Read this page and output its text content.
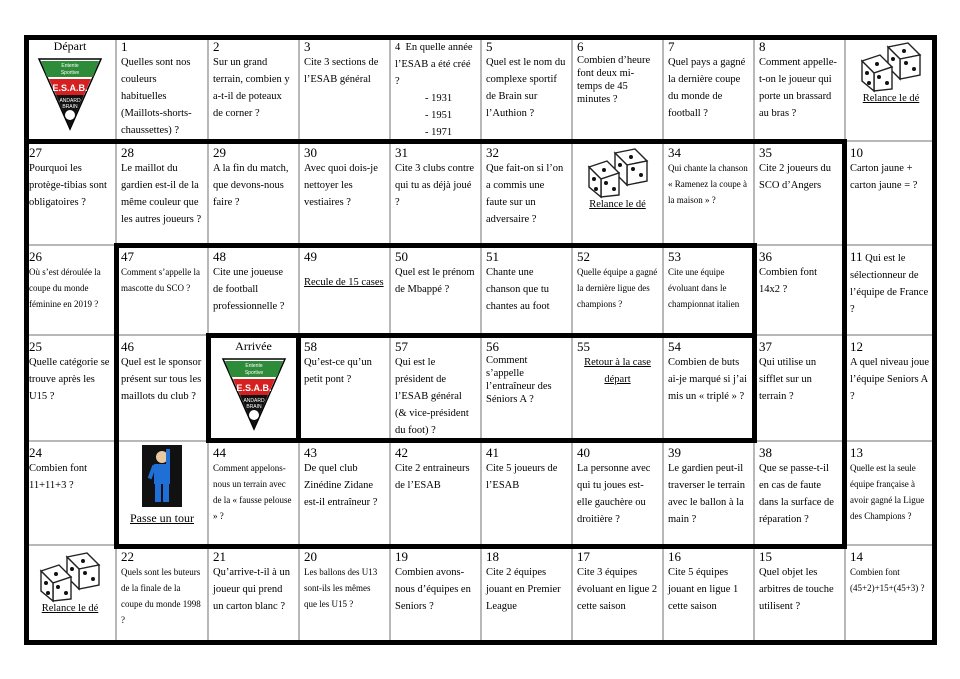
Départ
Entente
Sportive
E.S.A.B.
ANDARD
BRAIN
1
Quelles sont nos couleurs habituelles (Maillots-shorts-chaussettes) ?
2
Sur un grand terrain, combien y a-t-il de poteaux de corner ?
3
Cite 3 sections de l’ESAB général
4 En quelle année l’ESAB a été créé ?
- 1931
- 1951
- 1971
5
Quel est le nom du complexe sportif de Brain sur l’Authion ?
6
Combien d’heure font deux mi-temps de 45 minutes ?
7
Quel pays a gagné la dernière coupe du monde de football ?
8
Comment appelle-t-on le joueur qui porte un brassard au bras ?
Relance le dé
27
Pourquoi les protège-tibias sont obligatoires ?
28
Le maillot du gardien est-il de la même couleur que les autres joueurs ?
29
A la fin du match, que devons-nous faire ?
30
Avec quoi dois-je nettoyer les vestiaires ?
31
Cite 3 clubs contre qui tu as déjà joué ?
32
Que fait-on si l’on a commis une faute sur un adversaire ?
Relance le dé
34
Qui chante la chanson « Ramenez la coupe à la maison » ?
35
Cite 2 joueurs du SCO d’Angers
10
Carton jaune + carton jaune = ?
26
Où s’est déroulée la coupe du monde féminine en 2019 ?
47
Comment s’appelle la mascotte du SCO ?
48
Cite une joueuse de football professionnelle ?
49
Recule de 15 cases
50
Quel est le prénom de Mbappé ?
51
Chante une chanson que tu chantes au foot
52
Quelle équipe a gagné la dernière ligue des champions ?
53
Cite une équipe évoluant dans le championnat italien
36
Combien font 14x2 ?
11 Qui est le sélectionneur de l’équipe de France ?
25
Quelle catégorie se trouve après les U15 ?
46
Quel est le sponsor présent sur tous les maillots du club ?
Arrivée
Entente
Sportive
E.S.A.B.
ANDARD
BRAIN
58
Qu’est-ce qu’un petit pont ?
57
Qui est le président de l’ESAB général (& vice-président du foot) ?
56
Comment s’appelle l’entraîneur des Séniors A ?
55
Retour à la case départ
54
Combien de buts ai-je marqué si j’ai mis un « triplé » ?
37
Qui utilise un sifflet sur un terrain ?
12
A quel niveau joue l’équipe Seniors A ?
24
Combien font 11+11+3 ?
Passe un tour
44
Comment appelons-nous un terrain avec de la « fausse pelouse » ?
43
De quel club Zinédine Zidane est-il entraîneur ?
42
Cite 2 entraineurs de l’ESAB
41
Cite 5 joueurs de l’ESAB
40
La personne avec qui tu joues est-elle gauchère ou droitière ?
39
Le gardien peut-il traverser le terrain avec le ballon à la main ?
38
Que se passe-t-il en cas de faute dans la surface de réparation ?
13
Quelle est la seule équipe française à avoir gagné la Ligue des Champions ?
Relance le dé
22
Quels sont les buteurs de la finale de la coupe du monde 1998 ?
21
Qu’arrive-t-il à un joueur qui prend un carton blanc ?
20
Les ballons des U13 sont-ils les mêmes que les U15 ?
19
Combien avons-nous d’équipes en Seniors ?
18
Cite 2 équipes jouant en Premier League
17
Cite 3 équipes évoluant en ligue 2 cette saison
16
Cite 5 équipes jouant en ligue 1 cette saison
15
Quel objet les arbitres de touche utilisent ?
14
Combien font (45+2)+15+(45+3) ?
